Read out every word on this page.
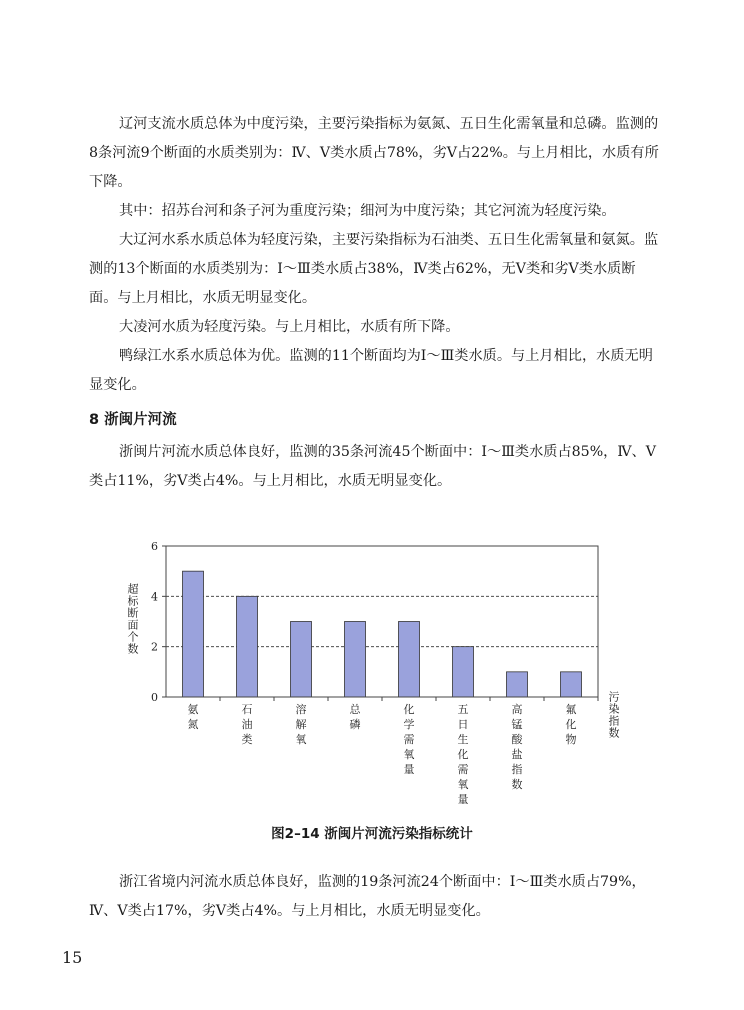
辽河支流水质总体为中度污染，主要污染指标为氨氮、五日生化需氧量和总磷。监测的8条河流9个断面的水质类别为：Ⅳ、Ⅴ类水质占78%，劣Ⅴ占22%。与上月相比，水质有所下降。

其中：招苏台河和条子河为重度污染；细河为中度污染；其它河流为轻度污染。

大辽河水系水质总体为轻度污染，主要污染指标为石油类、五日生化需氧量和氨氮。监测的13个断面的水质类别为：Ⅰ～Ⅲ类水质占38%，Ⅳ类占62%，无Ⅴ类和劣Ⅴ类水质断面。与上月相比，水质无明显变化。

大凌河水质为轻度污染。与上月相比，水质有所下降。

鸭绿江水系水质总体为优。监测的11个断面均为Ⅰ～Ⅲ类水质。与上月相比，水质无明显变化。

8 浙闽片河流

浙闽片河流水质总体良好，监测的35条河流45个断面中：Ⅰ～Ⅲ类水质占85%，Ⅳ、Ⅴ类占11%，劣Ⅴ类占4%。与上月相比，水质无明显变化。

0
2
4
6
氨氮
石油类
溶解氧
总磷
化学需氧量
五日生化需氧量
高锰酸盐指数
氟化物
超标断面个数
污染指数
图2–14 浙闽片河流污染指标统计

浙江省境内河流水质总体良好，监测的19条河流24个断面中：Ⅰ～Ⅲ类水质占79%，Ⅳ、Ⅴ类占17%，劣Ⅴ类占4%。与上月相比，水质无明显变化。

15
